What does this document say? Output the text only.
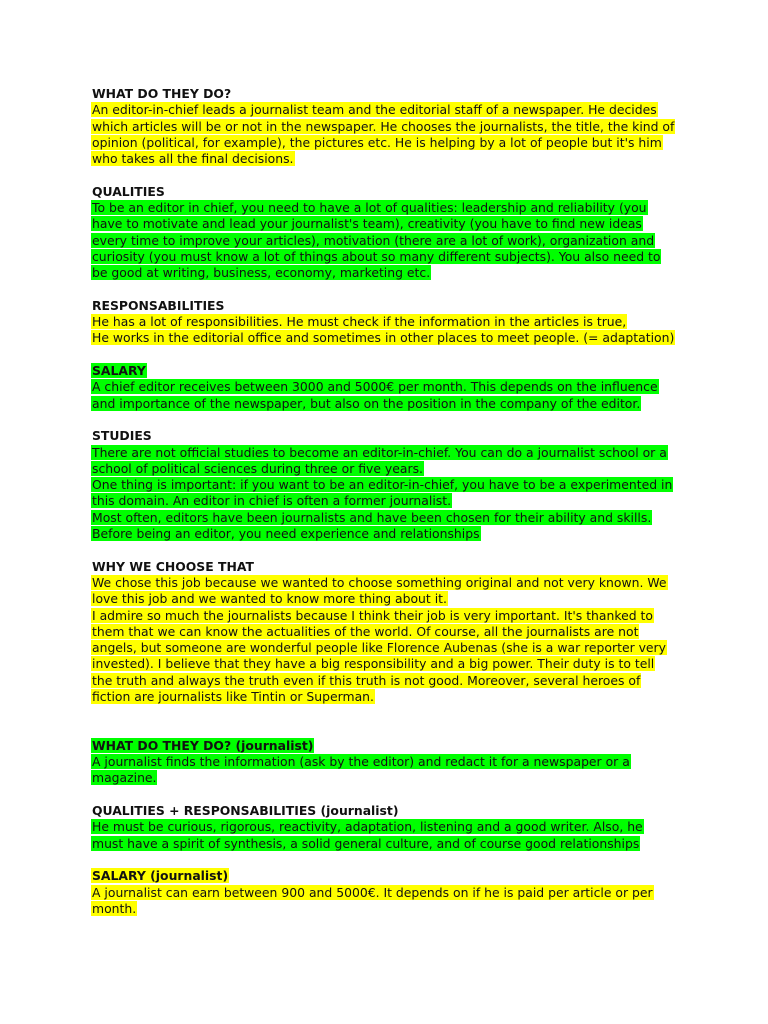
WHAT DO THEY DO?
An editor-in-chief leads a journalist team and the editorial staff of a newspaper. He decides which articles will be or not in the newspaper. He chooses the journalists, the title, the kind of opinion (political, for example), the pictures etc. He is helping by a lot of people but it's him who takes all the final decisions.
QUALITIES
To be an editor in chief, you need to have a lot of qualities: leadership and reliability (you have to motivate and lead your journalist's team), creativity (you have to find new ideas every time to improve your articles), motivation (there are a lot of work), organization and curiosity (you must know a lot of things about so many different subjects). You also need to be good at writing, business, economy, marketing etc.
RESPONSABILITIES
He has a lot of responsibilities. He must check if the information in the articles is true,
He works in the editorial office and sometimes in other places to meet people. (= adaptation)
SALARY
A chief editor receives between 3000 and 5000€ per month. This depends on the influence and importance of the newspaper, but also on the position in the company of the editor.
STUDIES
There are not official studies to become an editor-in-chief. You can do a journalist school or a school of political sciences during three or five years.
One thing is important: if you want to be an editor-in-chief, you have to be a experimented in this domain. An editor in chief is often a former journalist.
Most often, editors have been journalists and have been chosen for their ability and skills. Before being an editor, you need experience and relationships
WHY WE CHOOSE THAT
We chose this job because we wanted to choose something original and not very known. We love this job and we wanted to know more thing about it.
I admire so much the journalists because I think their job is very important. It's thanked to them that we can know the actualities of the world. Of course, all the journalists are not angels, but someone are wonderful people like Florence Aubenas (she is a war reporter very invested). I believe that they have a big responsibility and a big power. Their duty is to tell the truth and always the truth even if this truth is not good. Moreover, several heroes of fiction are journalists like Tintin or Superman.
WHAT DO THEY DO? (journalist)
A journalist finds the information (ask by the editor) and redact it for a newspaper or a magazine.
QUALITIES + RESPONSABILITIES (journalist)
He must be curious, rigorous, reactivity, adaptation, listening and a good writer. Also, he must have a spirit of synthesis, a solid general culture, and of course good relationships
SALARY (journalist)
A journalist can earn between 900 and 5000€. It depends on if he is paid per article or per month.
